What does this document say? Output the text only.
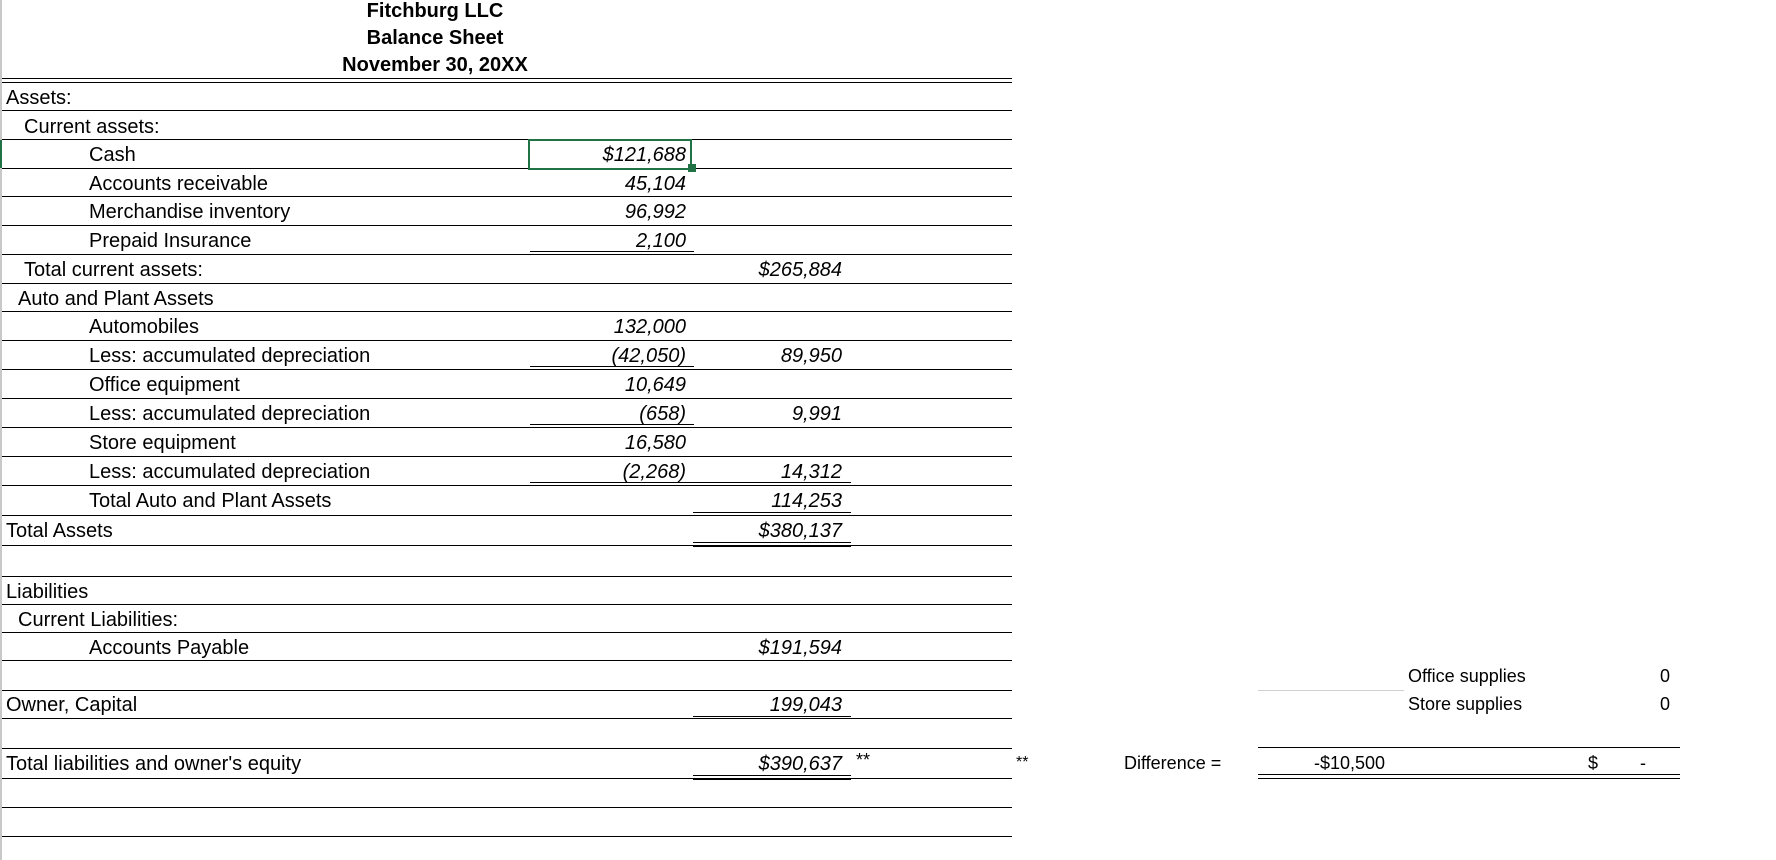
Fitchburg LLC
Balance Sheet
November 30, 20XX
Assets:
Current assets:
Cash	$121,688
Accounts receivable	45,104
Merchandise inventory	96,992
Prepaid Insurance	2,100
Total current assets:	$265,884
Auto and Plant Assets
Automobiles	132,000
Less: accumulated depreciation	(42,050)	89,950
Office equipment	10,649
Less: accumulated depreciation	(658)	9,991
Store equipment	16,580
Less: accumulated depreciation	(2,268)	14,312
Total Auto and Plant Assets	114,253
Total Assets	$380,137
Liabilities
Current Liabilities:
Accounts Payable	$191,594
Owner, Capital	199,043
Total liabilities and owner's equity	$390,637 **
Office supplies	0
Store supplies	0
**	Difference =	-$10,500	$ -
